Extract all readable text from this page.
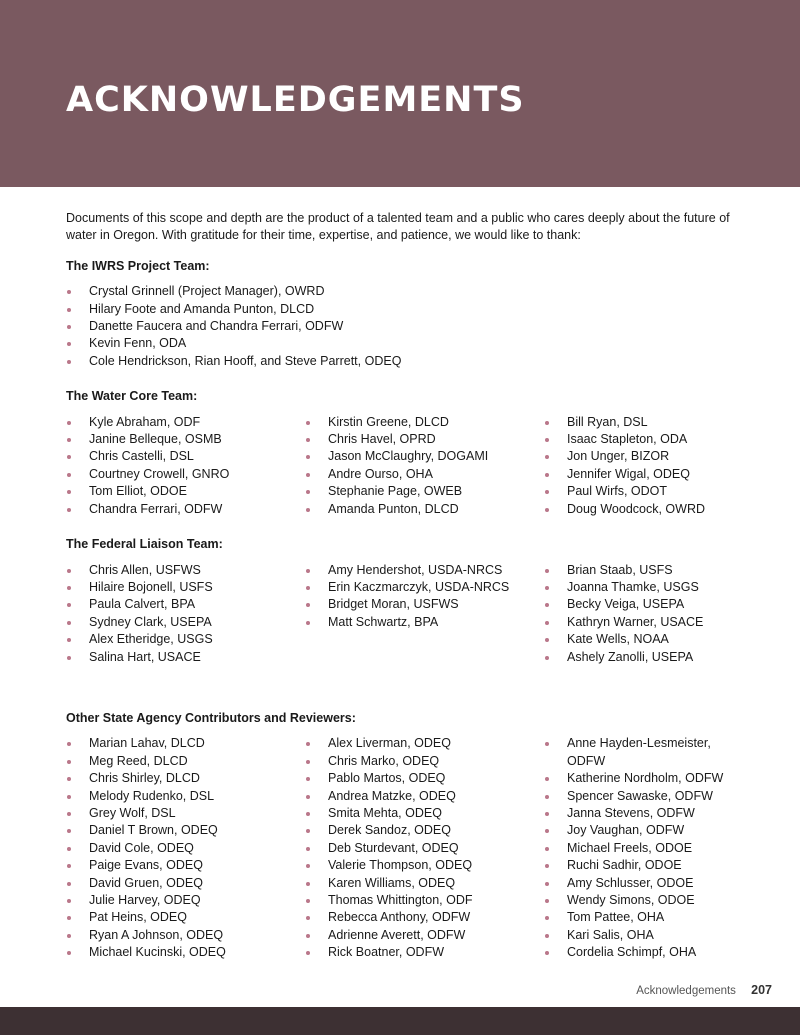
ACKNOWLEDGEMENTS

Documents of this scope and depth are the product of a talented team and a public who cares deeply about the future of water in Oregon. With gratitude for their time, expertise, and patience, we would like to thank:

The IWRS Project Team:
Crystal Grinnell (Project Manager), OWRD
Hilary Foote and Amanda Punton, DLCD
Danette Faucera and Chandra Ferrari, ODFW
Kevin Fenn, ODA
Cole Hendrickson, Rian Hooff, and Steve Parrett, ODEQ
The Water Core Team:
Kyle Abraham, ODF
Janine Belleque, OSMB
Chris Castelli, DSL
Courtney Crowell, GNRO
Tom Elliot, ODOE
Chandra Ferrari, ODFW
Kirstin Greene, DLCD
Chris Havel, OPRD
Jason McClaughry, DOGAMI
Andre Ourso, OHA
Stephanie Page, OWEB
Amanda Punton, DLCD
Bill Ryan, DSL
Isaac Stapleton, ODA
Jon Unger, BIZOR
Jennifer Wigal, ODEQ
Paul Wirfs, ODOT
Doug Woodcock, OWRD
The Federal Liaison Team:
Chris Allen, USFWS
Hilaire Bojonell, USFS
Paula Calvert, BPA
Sydney Clark, USEPA
Alex Etheridge, USGS
Salina Hart, USACE
Amy Hendershot, USDA-NRCS
Erin Kaczmarczyk, USDA-NRCS
Bridget Moran, USFWS
Matt Schwartz, BPA
Brian Staab, USFS
Joanna Thamke, USGS
Becky Veiga, USEPA
Kathryn Warner, USACE
Kate Wells, NOAA
Ashely Zanolli, USEPA
Other State Agency Contributors and Reviewers:
Marian Lahav, DLCD
Meg Reed, DLCD
Chris Shirley, DLCD
Melody Rudenko, DSL
Grey Wolf, DSL
Daniel T Brown, ODEQ
David Cole, ODEQ
Paige Evans, ODEQ
David Gruen, ODEQ
Julie Harvey, ODEQ
Pat Heins, ODEQ
Ryan A Johnson, ODEQ
Michael Kucinski, ODEQ
Alex Liverman, ODEQ
Chris Marko, ODEQ
Pablo Martos, ODEQ
Andrea Matzke, ODEQ
Smita Mehta, ODEQ
Derek Sandoz, ODEQ
Deb Sturdevant, ODEQ
Valerie Thompson, ODEQ
Karen Williams, ODEQ
Thomas Whittington, ODF
Rebecca Anthony, ODFW
Adrienne Averett, ODFW
Rick Boatner, ODFW
Anne Hayden-Lesmeister, ODFW
Katherine Nordholm, ODFW
Spencer Sawaske, ODFW
Janna Stevens, ODFW
Joy Vaughan, ODFW
Michael Freels, ODOE
Ruchi Sadhir, ODOE
Amy Schlusser, ODOE
Wendy Simons, ODOE
Tom Pattee, OHA
Kari Salis, OHA
Cordelia Schimpf, OHA
Acknowledgements 207
